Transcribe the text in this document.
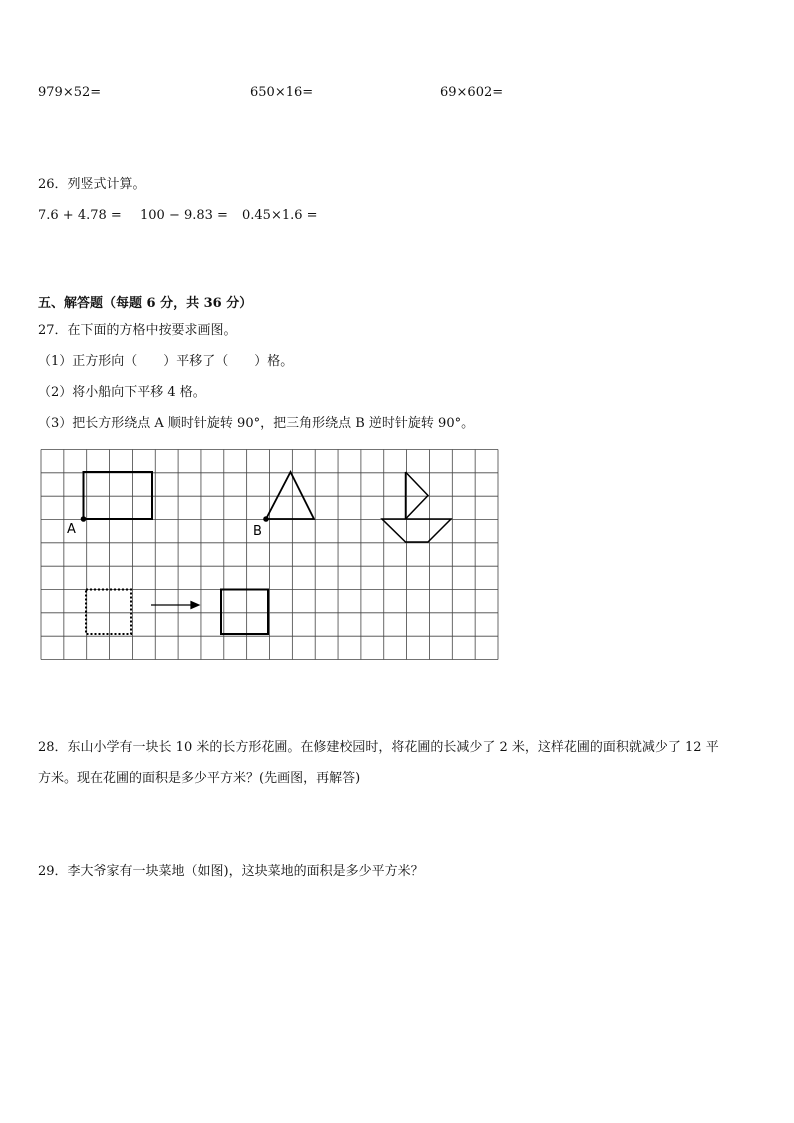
979×52=	650×16=	69×602=
26．列竖式计算。
7.6 + 4.78 = 100 − 9.83 = 0.45×1.6 =
五、解答题（每题 6 分，共 36 分）
27．在下面的方格中按要求画图。
（1）正方形向（　　）平移了（　　）格。
（2）将小船向下平移 4 格。
（3）把长方形绕点 A 顺时针旋转 90°，把三角形绕点 B 逆时针旋转 90°。
A	B
28．东山小学有一块长 10 米的长方形花圃。在修建校园时，将花圃的长减少了 2 米，这样花圃的面积就减少了 12 平
方米。现在花圃的面积是多少平方米？(先画图，再解答)
29．李大爷家有一块菜地（如图)，这块菜地的面积是多少平方米？
